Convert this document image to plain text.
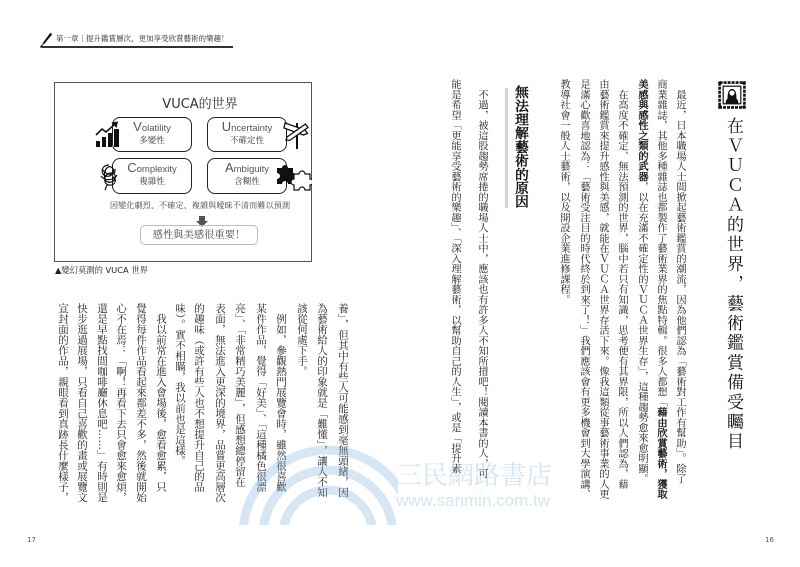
第一章｜提升鑑賞層次，更加享受欣賞藝術的樂趣！
VUCA的世界
Volatility
多變性
Uncertainty
不確定性
Complexity
複雜性
Ambiguity
含糊性
因變化劇烈、不確定、複雜與曖昧不清而難以預測
感性與美感很重要！
▲變幻莫測的 VUCA 世界
養」，但其中有些人可能感到毫無頭緒，因
為藝術給人的印象就是「難懂」，讓人不知
該從何處下手。
　例如，參觀熱門展覽會時，雖然很喜歡
某件作品，覺得「好美」、「這種橘色很漂
亮」、「非常精巧美麗」，但感想總停留在
表面，無法進入更深的境界，品嘗更高層次
的趣味（或許有些人也不想提升自己的品
味）。實不相瞞，我以前也是這樣。
　我以前常在進入會場後，愈看愈累，只
覺得每件作品看起來都差不多，然後就開始
心不在焉：「啊！再看下去只會愈來愈煩，
還是早點找間咖啡廳休息吧……」有時則是
快步逛過展場，只看自己喜歡的畫或展覽文
宣封面的作品，親眼看到真跡長什麼樣子，	在ＶＵＣＡ的世界，藝術鑑賞備受矚目
　最近，日本職場人士間掀起藝術鑑賞的潮流，因為他們認為「藝術對工作有幫助」。除了
商業雜誌，其他多種雜誌也都製作了藝術業界的焦點特輯。很多人都想「藉由欣賞藝術，獲取
美感與感性之類的武器，以在充滿不確定性的ＶＵＣＡ世界生存」，這種趨勢愈來愈明顯。
　在高度不確定、無法預測的世界，腦中若只有知識，思考便有其界限，所以人們認為，藉
由藝術鑑賞來提升感性與美感，就能在ＶＵＣＡ世界存活下來。像我這類從事藝術事業的人更
是滿心歡喜地認為：「藝術受注目的時代終於到來了！」我們應該會有更多機會到大學演講、
教導社會一般人士藝術，以及開設企業進修課程。
無法理解藝術的原因
　不過，被這股趨勢席捲的職場人士中，應該也有許多人不知所措吧！閱讀本書的人，可
能是希望「更能享受藝術的樂趣」、「深入理解藝術，以幫助自己的人生」，或是「提升素
17	16
三民網路書店
www.sanmin.com.tw
